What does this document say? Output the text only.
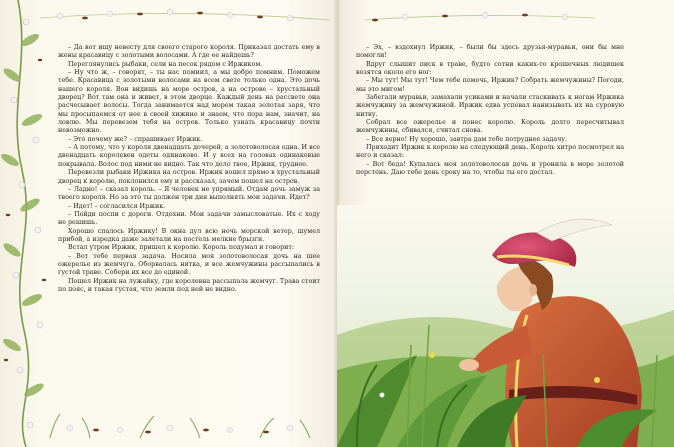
– Да вот ищу невесту для своего старого короля. Приказал достать ему в жены красавицу с золотыми волосами. А где ее найдешь?

Переглянулись рыбаки, сели на песок рядом с Иржиком.

– Ну что ж, – говорят, – ты нас помиил, а мы добро помним. Поможем тебе. Красавица с золотыми волосами на всем свете только одна. Это дочь нашего короля. Вон видишь на море остров, а на острове – хрустальный дворец? Вот там она и живет, в этом дворце. Каждый день на рассвете она расчесывает волосы. Тогда занимается над морем такая золотая заря, что мы просыпаемся от нее в своей хижине и знаем, что пора нам, значит, на ловлю. Мы перевезем тебя на остров. Только узнать красавицу почти невозможно.

– Это почему же? – спрашивает Иржик.

– А потому, что у короля двенадцать дочерей, а золотоволосая одна. И все двенадцать королевен одеты одинаково. И у всех на головах одинаковые покрывала. Волос под ними не видно. Так что дело твое, Иржик, трудное.

Перевезли рыбаки Иржика на остров. Иржик вошел прямо в хрустальный дворец к королю, поклонился ему и рассказал, зачем пошел на остров.

– Ладно! – сказал король. – Я человек не упрямый. Отдам дочь замуж за твоего короля. Но за это ты должен три дня выполнять мои задачи. Идет?

– Идет! – согласился Иржик.

– Пойди поспи с дороги. Отдохни. Мои задачи замысловатые. Их с ходу не решишь.

Хорошо спалось Иржику! В окна дул всю ночь морской ветер, шумел прибой, а изредка даже залетали на постель мелкие брызги.

Встал утром Иржик, пришел к королю. Король подумал и говорит:

– Вот тебе первая задача. Носила моя золотоволосая дочь на шее ожерелье из жемчуга. Оборвалась нитка, и все жемчужины рассыпались в густой траве. Собери их все до единой.

Пошел Иржик на лужайку, где королевна рассыпала жемчуг. Трава стоит по пояс, и такая густая, что земли под ней не видно.

– Эх, – вздохнул Иржик, – были бы здесь друзья-муравьи, они бы мне помогли!

Вдруг слышит писк в траве, будто сотни каких-то крошечных людишек возятся около его ног:

– Мы тут! Мы тут! Чем тебе помочь, Иржик? Собрать жемчужины? Погоди, мы это мигом!

Забегали муравьи, замахали усиками и начали стаскивать к ногам Иржика жемчужину за жемчужиной. Иржик едва успевал нанизывать их на суровую нитку.

Собрал все ожерелье и понес королю. Король долго пересчитывал жемчужины, сбивался, считал снова.

– Все верно! Ну хорошо, завтра дам тебе потруднее задачу.

Приходит Иржик к королю на следующий день. Король хитро посмотрел на него и сказал:

– Вот беда! Купалась моя золотоволосая дочь и уронила в море золотой перстень. Даю тебе день сроку на то, чтобы ты его достал.
